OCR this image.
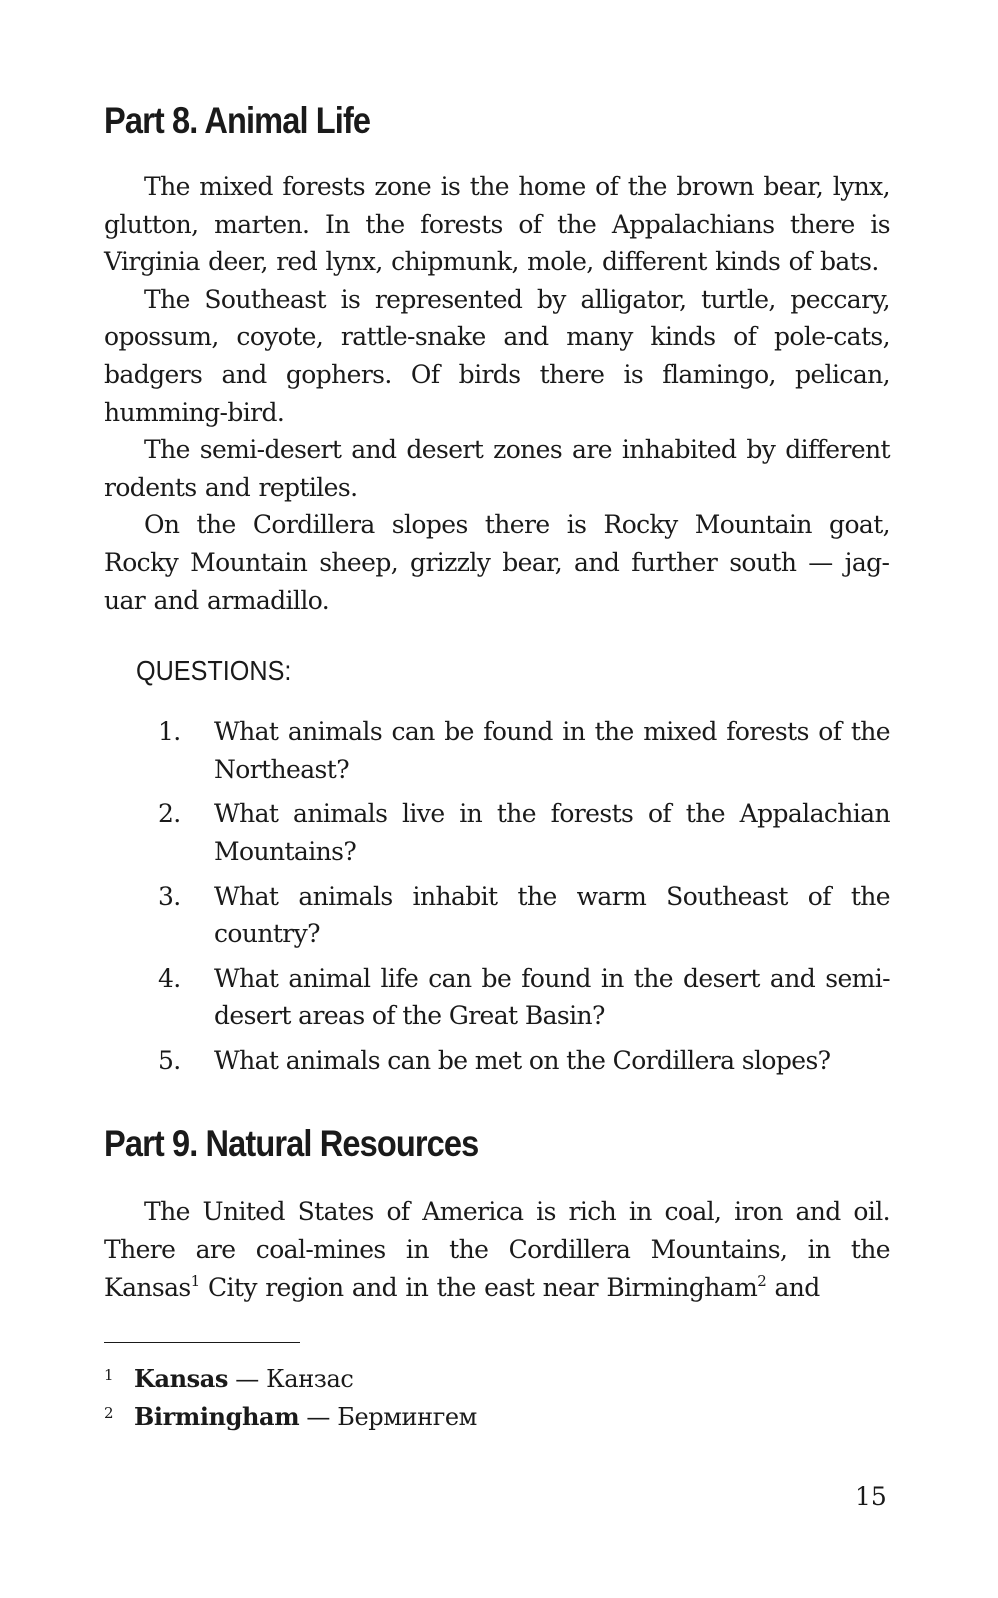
Part 8. Animal Life

The mixed forests zone is the home of the brown bear, lynx, glutton, marten. In the forests of the Appalachians there is Virginia deer, red lynx, chipmunk, mole, different kinds of bats.

The Southeast is represented by alligator, turtle, peccary, opossum, coyote, rattle-snake and many kinds of pole-cats, badgers and gophers. Of birds there is flamingo, pelican, humming-bird.

The semi-desert and desert zones are inhabited by different rodents and reptiles.

On the Cordillera slopes there is Rocky Mountain goat, Rocky Mountain sheep, grizzly bear, and further south — jaguar and armadillo.

QUESTIONS:
1. What animals can be found in the mixed forests of the Northeast?
2. What animals live in the forests of the Appalachian Mountains?
3. What animals inhabit the warm Southeast of the country?
4. What animal life can be found in the desert and semi-desert areas of the Great Basin?
5. What animals can be met on the Cordillera slopes?
Part 9. Natural Resources

The United States of America is rich in coal, iron and oil. There are coal-mines in the Cordillera Mountains, in the Kansas$^1$ City region and in the east near Birmingham$^2$ and

1 Kansas — Канзас
2 Birmingham — Бермингем
15
